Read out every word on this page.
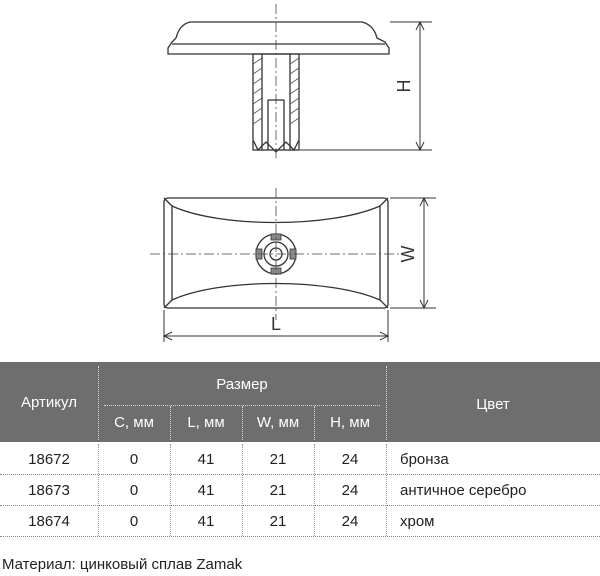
H
W
L
Артикул
Размер
C, мм	L, мм	W, мм	H, мм
Цвет
18672	0	41	21	24	бронза
18673	0	41	21	24	античное серебро
18674	0	41	21	24	хром
Материал: цинковый сплав Zamak
